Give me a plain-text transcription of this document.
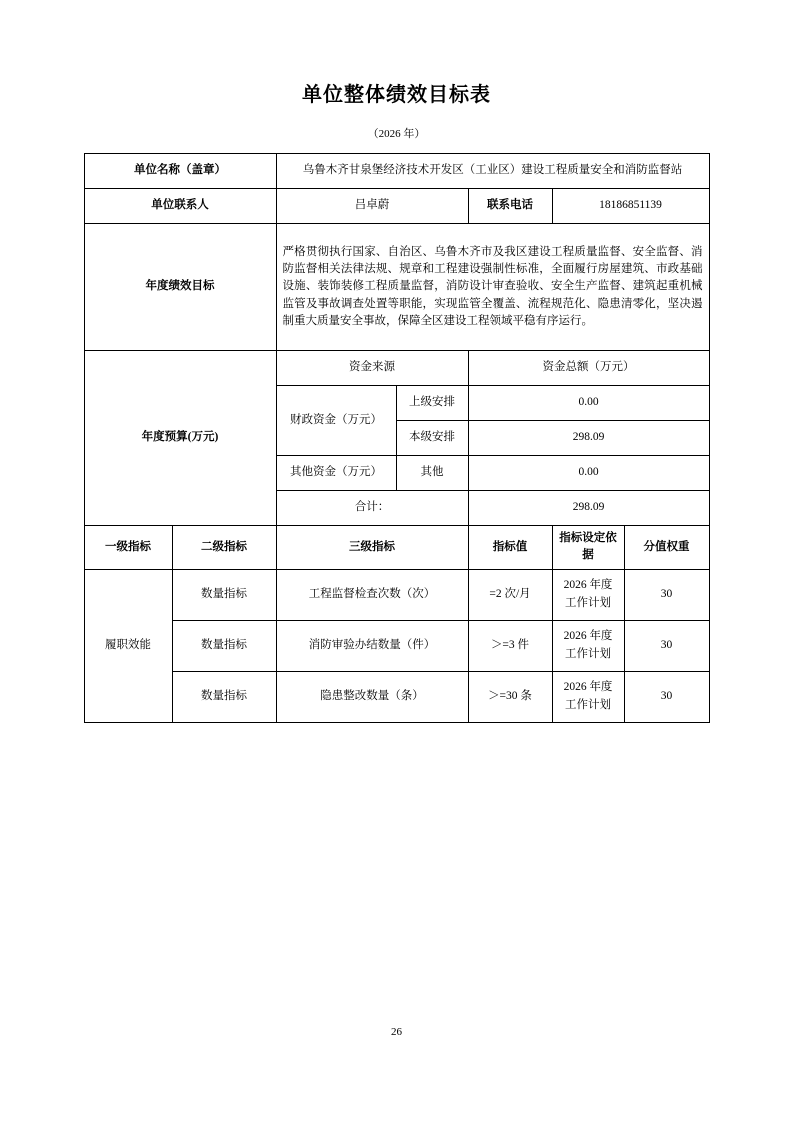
单位整体绩效目标表
（2026 年）
单位名称（盖章）		乌鲁木齐甘泉堡经济技术开发区（工业区）建设工程质量安全和消防监督站				
单位联系人		吕卓蔚		联系电话	18186851139	
年度绩效目标		严格贯彻执行国家、自治区、乌鲁木齐市及我区建设工程质量监督、安全监督、消防监督相关法律法规、规章和工程建设强制性标准，全面履行房屋建筑、市政基础设施、装饰装修工程质量监督，消防设计审查验收、安全生产监督、建筑起重机械监管及事故调查处置等职能，实现监管全覆盖、流程规范化、隐患清零化，坚决遏制重大质量安全事故，保障全区建设工程领域平稳有序运行。				
年度预算(万元)		资金来源		资金总额（万元）		
		财政资金（万元）	上级安排	0.00		
			本级安排	298.09		
		其他资金（万元）	其他	0.00		
		合计：		298.09		
一级指标	二级指标	三级指标		指标值	指标设定依据	分值权重
履职效能	数量指标	工程监督检查次数（次）		=2 次/月	2026 年度工作计划	30
	数量指标	消防审验办结数量（件）		＞=3 件	2026 年度工作计划	30
	数量指标	隐患整改数量（条）		＞=30 条	2026 年度工作计划	30
26
